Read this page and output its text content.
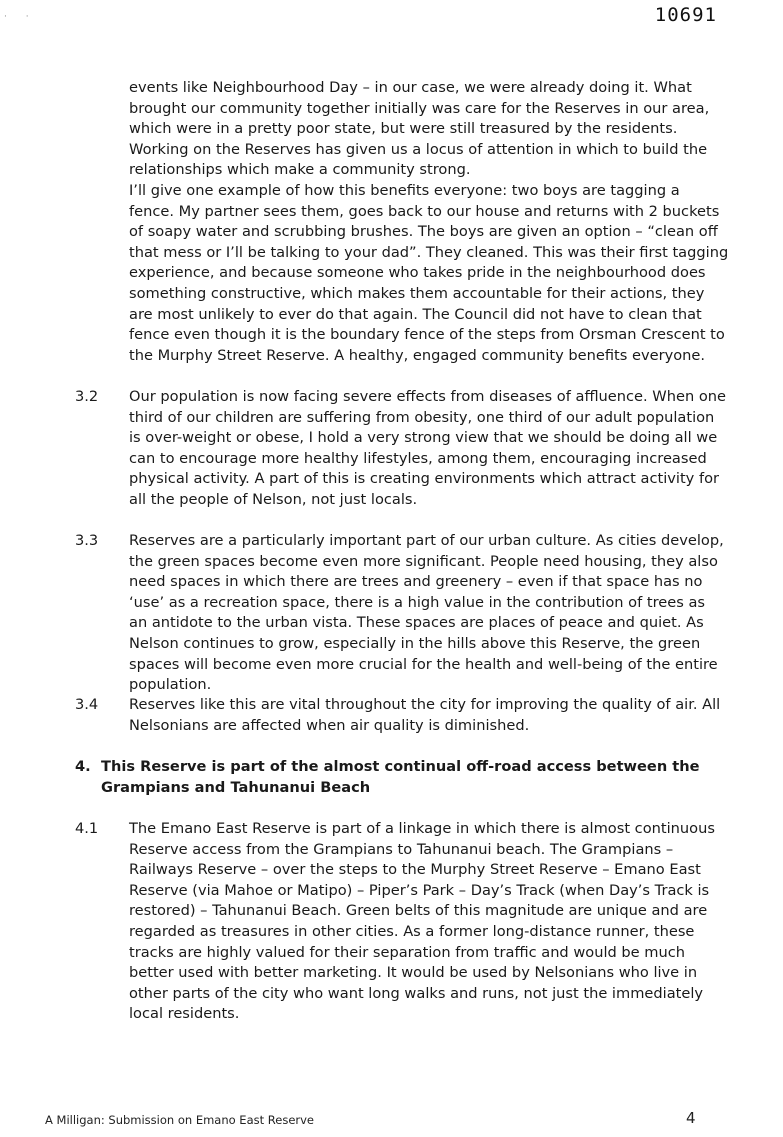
· ·	10691

events like Neighbourhood Day – in our case, we were already doing it. What brought our community together initially was care for the Reserves in our area, which were in a pretty poor state, but were still treasured by the residents. Working on the Reserves has given us a locus of attention in which to build the relationships which make a community strong.

I’ll give one example of how this benefits everyone: two boys are tagging a fence. My partner sees them, goes back to our house and returns with 2 buckets of soapy water and scrubbing brushes. The boys are given an option – “clean off that mess or I’ll be talking to your dad”. They cleaned. This was their first tagging experience, and because someone who takes pride in the neighbourhood does something constructive, which makes them accountable for their actions, they are most unlikely to ever do that again. The Council did not have to clean that fence even though it is the boundary fence of the steps from Orsman Crescent to the Murphy Street Reserve. A healthy, engaged community benefits everyone.

3.2	Our population is now facing severe effects from diseases of affluence. When one third of our children are suffering from obesity, one third of our adult population is over-weight or obese, I hold a very strong view that we should be doing all we can to encourage more healthy lifestyles, among them, encouraging increased physical activity. A part of this is creating environments which attract activity for all the people of Nelson, not just locals.

3.3	Reserves are a particularly important part of our urban culture. As cities develop, the green spaces become even more significant. People need housing, they also need spaces in which there are trees and greenery – even if that space has no ‘use’ as a recreation space, there is a high value in the contribution of trees as an antidote to the urban vista. These spaces are places of peace and quiet. As Nelson continues to grow, especially in the hills above this Reserve, the green spaces will become even more crucial for the health and well-being of the entire population.

3.4	Reserves like this are vital throughout the city for improving the quality of air. All Nelsonians are affected when air quality is diminished.

4. This Reserve is part of the almost continual off-road access between the Grampians and Tahunanui Beach
4.1	The Emano East Reserve is part of a linkage in which there is almost continuous Reserve access from the Grampians to Tahunanui beach. The Grampians – Railways Reserve – over the steps to the Murphy Street Reserve – Emano East Reserve (via Mahoe or Matipo) – Piper’s Park – Day’s Track (when Day’s Track is restored) – Tahunanui Beach. Green belts of this magnitude are unique and are regarded as treasures in other cities. As a former long-distance runner, these tracks are highly valued for their separation from traffic and would be much better used with better marketing. It would be used by Nelsonians who live in other parts of the city who want long walks and runs, not just the immediately local residents.

A Milligan: Submission on Emano East Reserve	4
